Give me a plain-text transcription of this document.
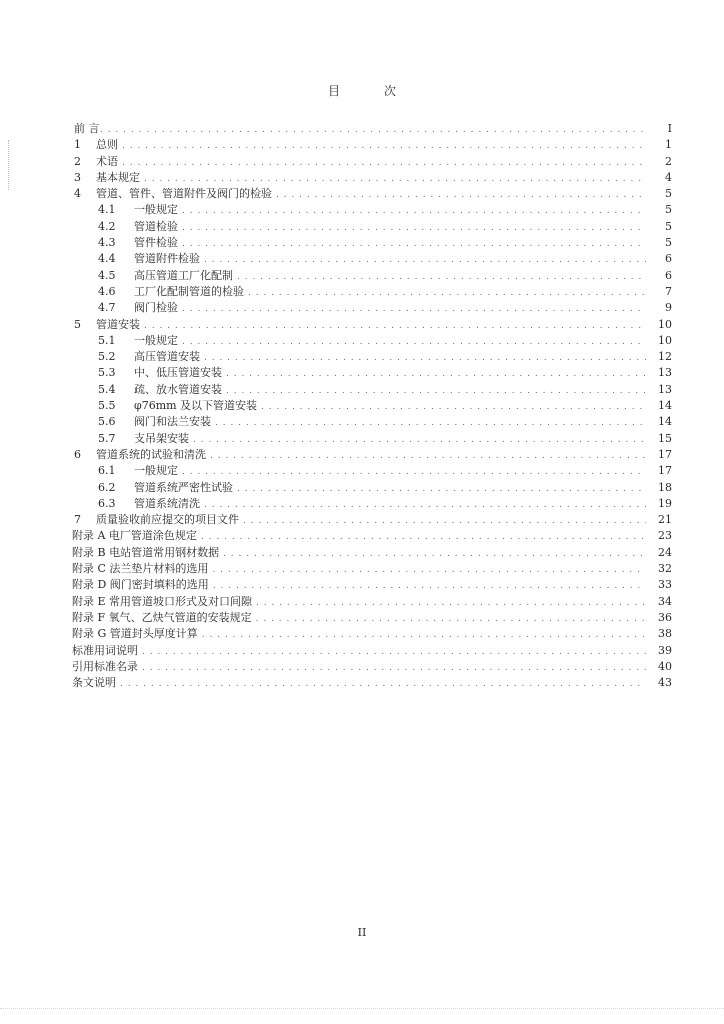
目	次
前 言 . . .	I
1	总则 . . .	1
2	术语 . . .	2
3	基本规定 . . .	4
4	管道、管件、管道附件及阀门的检验 . . .	5
4.1	一般规定 . . .	5
4.2	管道检验 . . .	5
4.3	管件检验 . . .	5
4.4	管道附件检验 . . .	6
4.5	高压管道工厂化配制 . . .	6
4.6	工厂化配制管道的检验 . . .	7
4.7	阀门检验 . . .	9
5	管道安装 . . .	10
5.1	一般规定 . . .	10
5.2	高压管道安装 . . .	12
5.3	中、低压管道安装 . . .	13
5.4	疏、放水管道安装 . . .	13
5.5	φ76mm 及以下管道安装 . . .	14
5.6	阀门和法兰安装 . . .	14
5.7	支吊架安装 . . .	15
6	管道系统的试验和清洗 . . .	17
6.1	一般规定 . . .	17
6.2	管道系统严密性试验 . . .	18
6.3	管道系统清洗 . . .	19
7	质量验收前应提交的项目文件 . . .	21
附录 A 电厂管道涂色规定 . . .	23
附录 B 电站管道常用钢材数据 . . .	24
附录 C 法兰垫片材料的选用 . . .	32
附录 D 阀门密封填料的选用 . . .	33
附录 E 常用管道坡口形式及对口间隙 . . .	34
附录 F 氧气、乙炔气管道的安装规定 . . .	36
附录 G 管道封头厚度计算 . . .	38
标准用词说明 . . .	39
引用标准名录 . . .	40
条文说明 . . .	43
II
